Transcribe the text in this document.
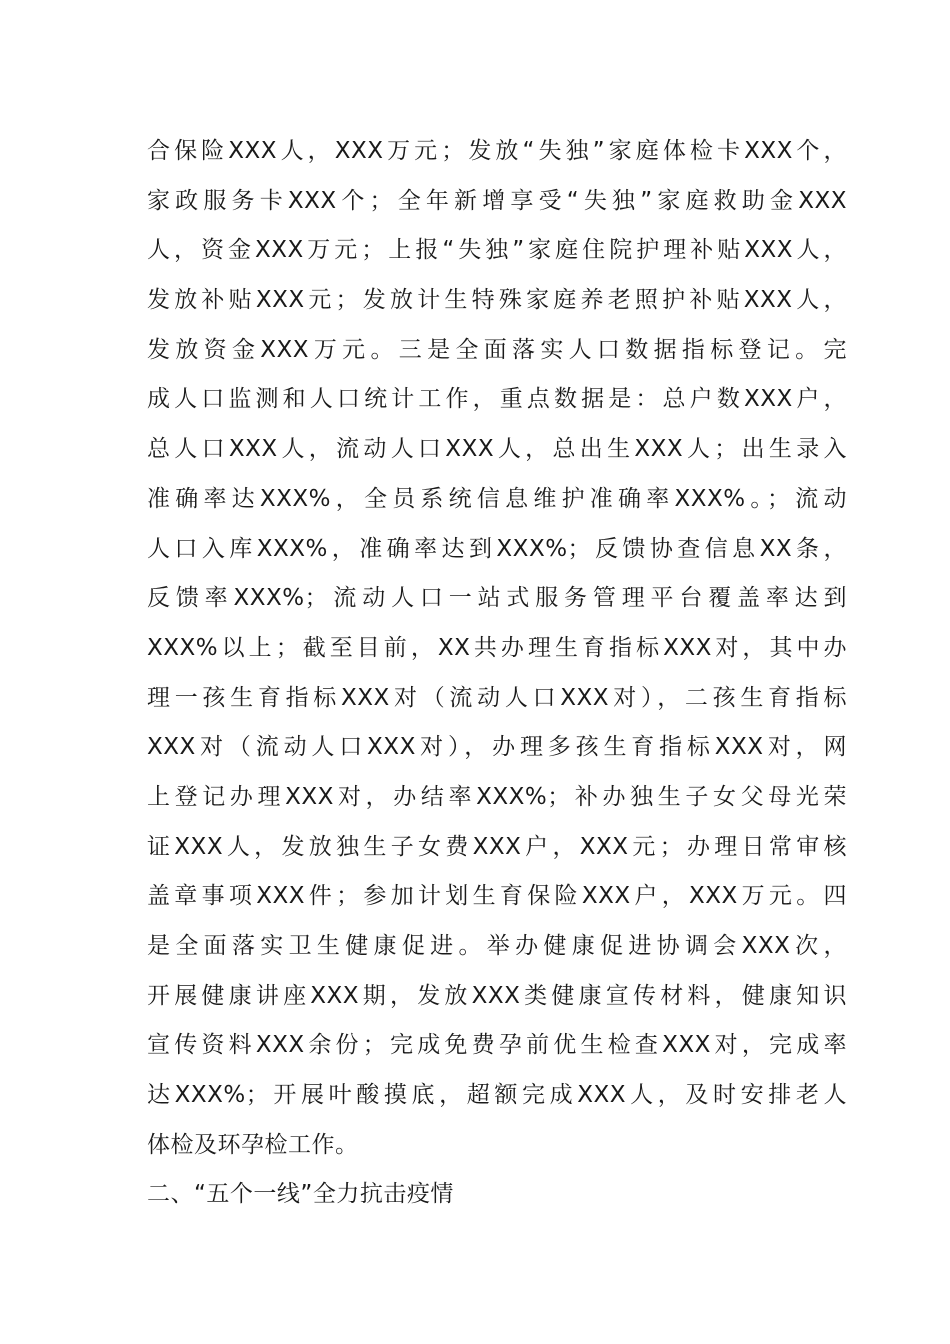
合保险XXX人，XXX万元；发放“失独”家庭体检卡XXX个，
家政服务卡XXX个；全年新增享受“失独”家庭救助金XXX
人，资金XXX万元；上报“失独”家庭住院护理补贴XXX人，
发放补贴XXX元；发放计生特殊家庭养老照护补贴XXX人，
发放资金XXX万元。三是全面落实人口数据指标登记。完
成人口监测和人口统计工作，重点数据是：总户数XXX户，
总人口XXX人，流动人口XXX人，总出生XXX人；出生录入
准确率达XXX%，全员系统信息维护准确率XXX%。；流动
人口入库XXX%，准确率达到XXX%；反馈协查信息XX条，
反馈率XXX%；流动人口一站式服务管理平台覆盖率达到
XXX%以上；截至目前，XX共办理生育指标XXX对，其中办
理一孩生育指标XXX对（流动人口XXX对），二孩生育指标
XXX对（流动人口XXX对），办理多孩生育指标XXX对，网
上登记办理XXX对，办结率XXX%；补办独生子女父母光荣
证XXX人，发放独生子女费XXX户，XXX元；办理日常审核
盖章事项XXX件；参加计划生育保险XXX户，XXX万元。四
是全面落实卫生健康促进。举办健康促进协调会XXX次，
开展健康讲座XXX期，发放XXX类健康宣传材料，健康知识
宣传资料XXX余份；完成免费孕前优生检查XXX对，完成率
达XXX%；开展叶酸摸底，超额完成XXX人，及时安排老人
体检及环孕检工作。
二、“五个一线”全力抗击疫情
